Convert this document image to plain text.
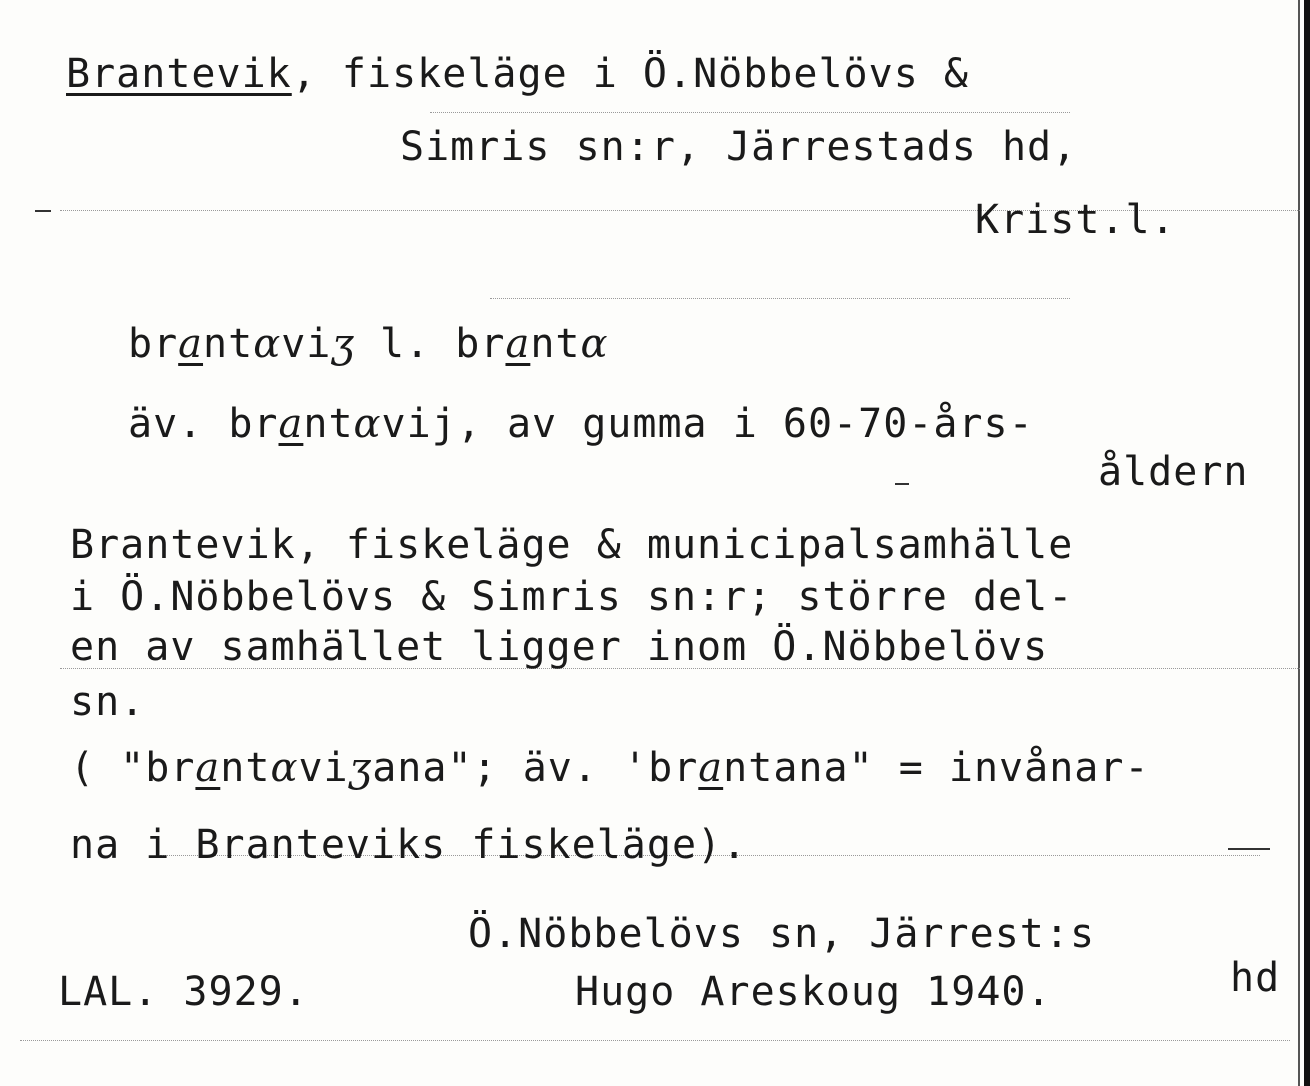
Brantevik, fiskeläge i Ö.Nöbbelövs &
Simris sn:r, Järrestads hd,
Krist.l.
brantɑviʒ l. brantɑ
äv. brantɑvij, av gumma i 60-70-års-
åldern
Brantevik, fiskeläge & municipalsamhälle
i Ö.Nöbbelövs & Simris sn:r; större del-
en av samhället ligger inom Ö.Nöbbelövs
sn.
( "brantɑviʒana"; äv. 'brantana" = invånar-
na i Branteviks fiskeläge).
Ö.Nöbbelövs sn, Järrest:s
hd
LAL. 3929.	Hugo Areskoug 1940.
